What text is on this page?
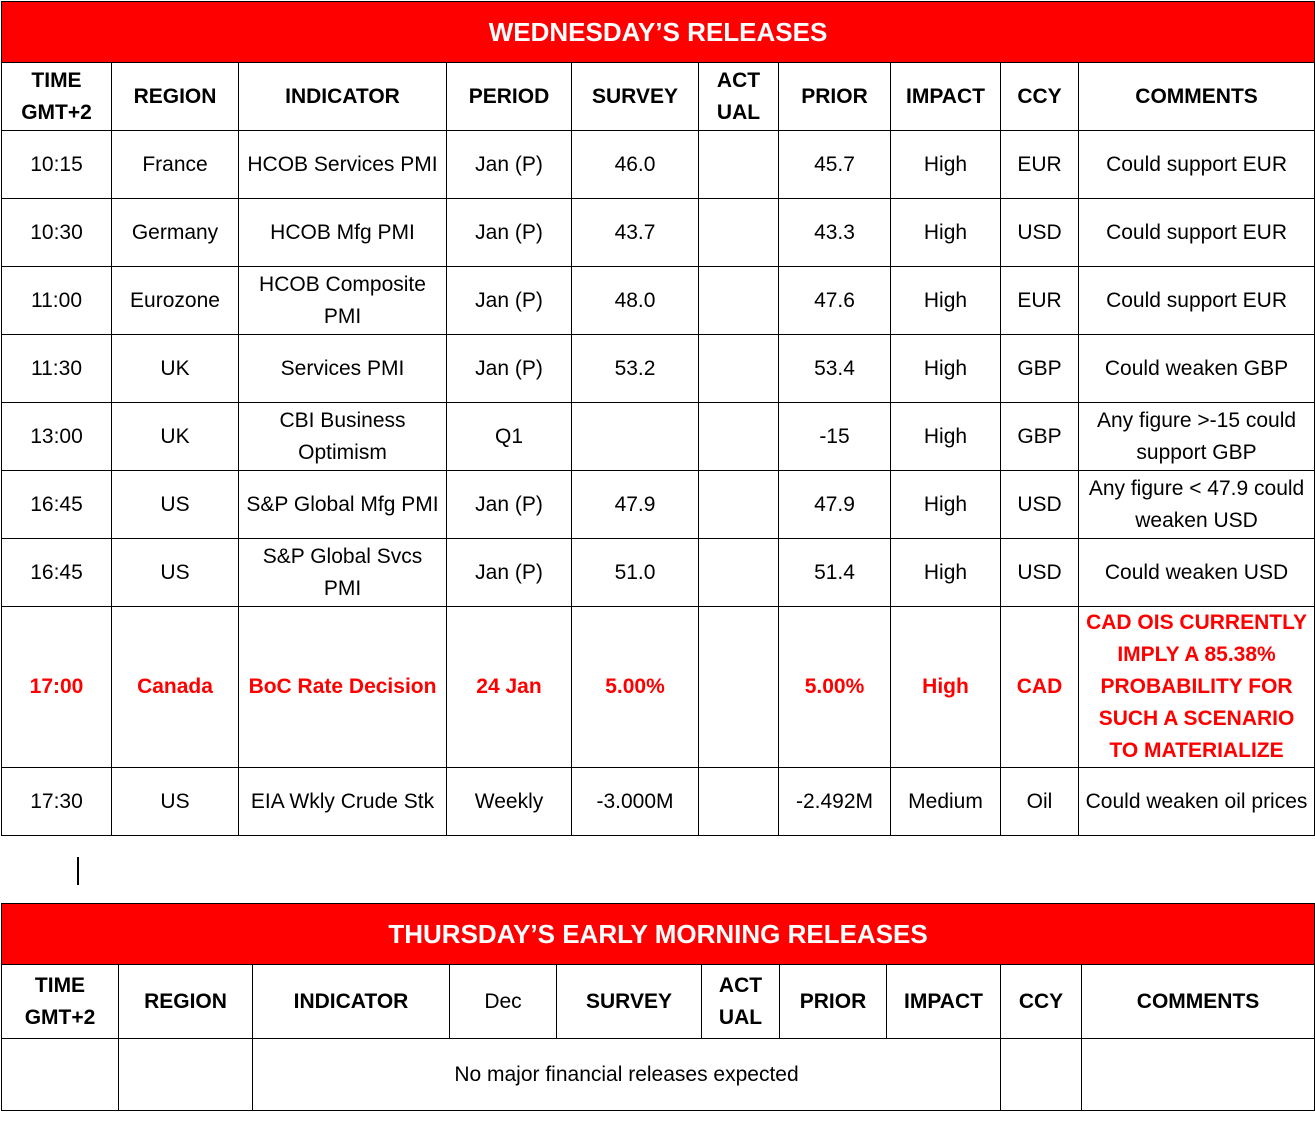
WEDNESDAY’S RELEASES									
TIME GMT+2	REGION	INDICATOR	PERIOD	SURVEY	ACT UAL	PRIOR	IMPACT	CCY	COMMENTS
10:15	France	HCOB Services PMI	Jan (P)	46.0		45.7	High	EUR	Could support EUR
10:30	Germany	HCOB Mfg PMI	Jan (P)	43.7		43.3	High	USD	Could support EUR
11:00	Eurozone	HCOB Composite PMI	Jan (P)	48.0		47.6	High	EUR	Could support EUR
11:30	UK	Services PMI	Jan (P)	53.2		53.4	High	GBP	Could weaken GBP
13:00	UK	CBI Business Optimism	Q1			-15	High	GBP	Any figure >-15 could support GBP
16:45	US	S&P Global Mfg PMI	Jan (P)	47.9		47.9	High	USD	Any figure < 47.9 could weaken USD
16:45	US	S&P Global Svcs PMI	Jan (P)	51.0		51.4	High	USD	Could weaken USD
17:00	Canada	BoC Rate Decision	24 Jan	5.00%		5.00%	High	CAD	CAD OIS CURRENTLY IMPLY A 85.38% PROBABILITY FOR SUCH A SCENARIO TO MATERIALIZE
17:30	US	EIA Wkly Crude Stk	Weekly	-3.000M		-2.492M	Medium	Oil	Could weaken oil prices
THURSDAY’S EARLY MORNING RELEASES									
TIME GMT+2	REGION	INDICATOR	Dec	SURVEY	ACT UAL	PRIOR	IMPACT	CCY	COMMENTS
		No major financial releases expected							
